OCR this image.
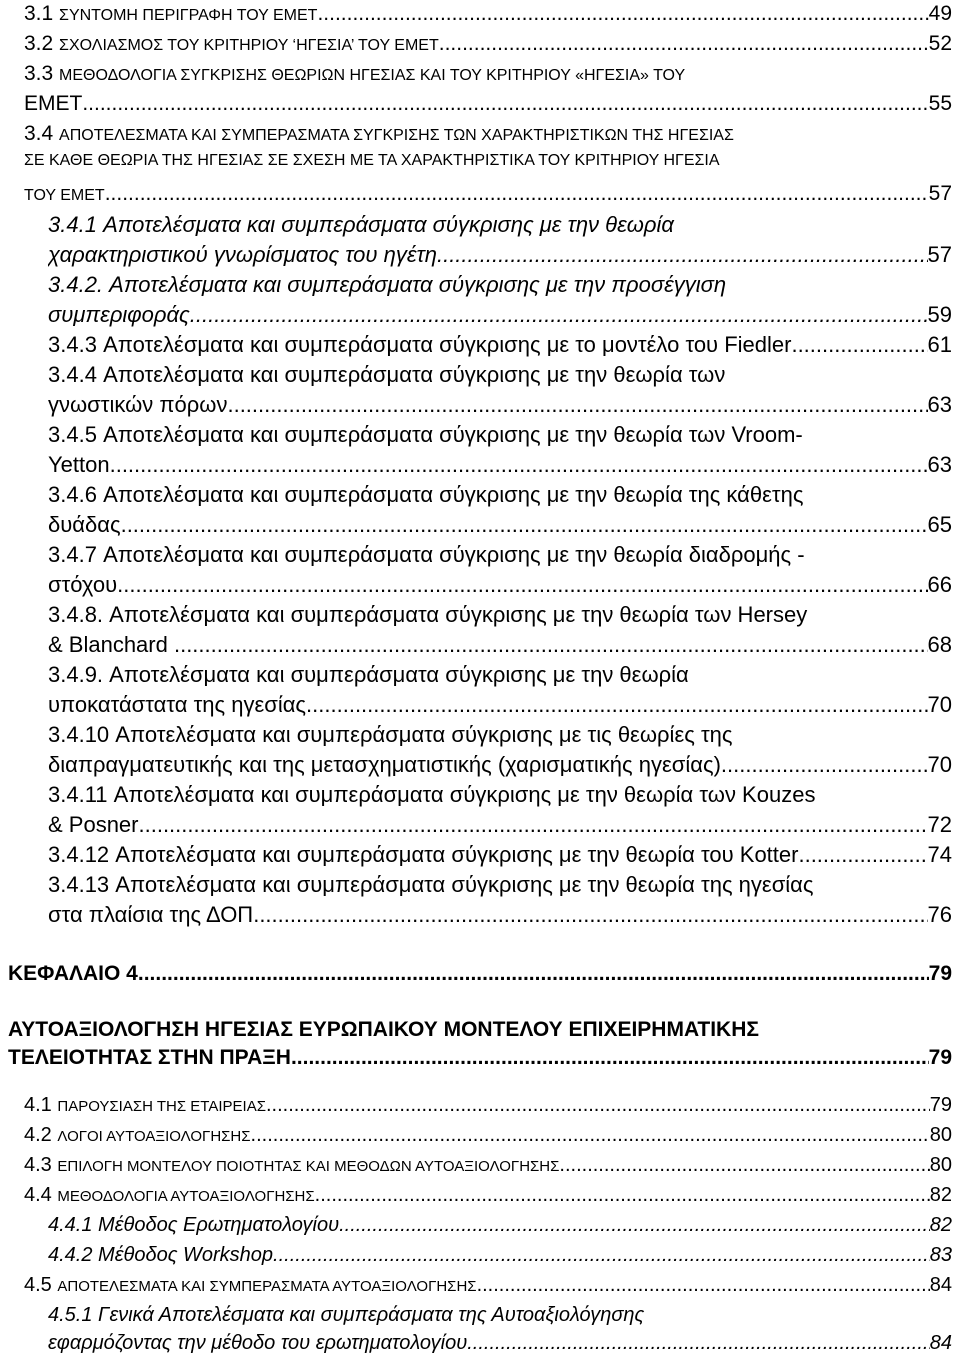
3.1
ΣΥΝΤΟΜΗ ΠΕΡΙΓΡΑΦΗ ΤΟΥ ΕΜΕΤ .....	49
3.2
ΣΧΟΛΙΑΣΜΟΣ ΤΟΥ ΚΡΙΤΗΡΙΟΥ ‘ΗΓΕΣΙΑ’ ΤΟΥ ΕΜΕΤ .....	52
3.3
ΜΕΘΟΔΟΛΟΓΙΑ ΣΥΓΚΡΙΣΗΣ ΘΕΩΡΙΩΝ ΗΓΕΣΙΑΣ ΚΑΙ ΤΟΥ ΚΡΙΤΗΡΙΟΥ «ΗΓΕΣΙΑ» ΤΟΥ
ΕΜΕΤ .....	55
3.4
ΑΠΟΤΕΛΕΣΜΑΤΑ ΚΑΙ ΣΥΜΠΕΡΑΣΜΑΤΑ ΣΥΓΚΡΙΣΗΣ ΤΩΝ ΧΑΡΑΚΤΗΡΙΣΤΙΚΩΝ ΤΗΣ ΗΓΕΣΙΑΣ
ΣΕ ΚΑΘΕ ΘΕΩΡΙΑ ΤΗΣ ΗΓΕΣΙΑΣ ΣΕ ΣΧΕΣΗ ΜΕ ΤΑ ΧΑΡΑΚΤΗΡΙΣΤΙΚΑ ΤΟΥ ΚΡΙΤΗΡΙΟΥ ΗΓΕΣΙΑ
ΤΟΥ ΕΜΕΤ .....	57
3.4.1
Αποτελέσματα και συμπεράσματα σύγκρισης με την θεωρία
χαρακτηριστικού γνωρίσματος του ηγέτη. .....	57
3.4.2.
Αποτελέσματα και συμπεράσματα σύγκρισης με την προσέγγιση
συμπεριφοράς .....	59
3.4.3
Αποτελέσματα και συμπεράσματα σύγκρισης με το μοντέλο του Fiedler .....	61
3.4.4
Αποτελέσματα και συμπεράσματα σύγκρισης με την θεωρία των
γνωστικών πόρων .....	63
3.4.5
Αποτελέσματα και συμπεράσματα σύγκρισης με την θεωρία των Vroom-
Yetton .....	63
3.4.6
Αποτελέσματα και συμπεράσματα σύγκρισης με την θεωρία της κάθετης
δυάδας .....	65
3.4.7
Αποτελέσματα και συμπεράσματα σύγκρισης με την θεωρία διαδρομής -
στόχου. .....	66
3.4.8.
Αποτελέσματα και συμπεράσματα σύγκρισης με την θεωρία των Hersey
& Blanchard . .....	68
3.4.9.
Αποτελέσματα και συμπεράσματα σύγκρισης με την θεωρία
υποκατάστατα της ηγεσίας. .....	70
3.4.10
Αποτελέσματα και συμπεράσματα σύγκρισης με τις θεωρίες της
διαπραγματευτικής και της μετασχηματιστικής (χαρισματικής ηγεσίας). .....	70
3.4.11
Αποτελέσματα και συμπεράσματα σύγκρισης με την θεωρία των Kouzes
& Posner .....	72
3.4.12
Αποτελέσματα και συμπεράσματα σύγκρισης με την θεωρία του Kotter .....	74
3.4.13
Αποτελέσματα και συμπεράσματα σύγκρισης με την θεωρία της ηγεσίας
στα πλαίσια της ΔΟΠ .....	76
ΚΕΦΑΛΑΙΟ 4 .....	79
ΑΥΤΟΑΞΙΟΛΟΓΗΣΗ ΗΓΕΣΙΑΣ ΕΥΡΩΠΑΙΚΟΥ ΜΟΝΤΕΛΟΥ ΕΠΙΧΕΙΡΗΜΑΤΙΚΗΣ
ΤΕΛΕΙΟΤΗΤΑΣ ΣΤΗΝ ΠΡΑΞΗ .....	79
4.1
ΠΑΡΟΥΣΙΑΣΗ ΤΗΣ ΕΤΑΙΡΕΙΑΣ .....	79
4.2
ΛΟΓΟΙ ΑΥΤΟΑΞΙΟΛΟΓΗΣΗΣ .....	80
4.3
ΕΠΙΛΟΓΗ ΜΟΝΤΕΛΟΥ ΠΟΙΟΤΗΤΑΣ ΚΑΙ ΜΕΘΟΔΩΝ ΑΥΤΟΑΞΙΟΛΟΓΗΣΗΣ .....	80
4.4
ΜΕΘΟΔΟΛΟΓΙΑ ΑΥΤΟΑΞΙΟΛΟΓΗΣΗΣ .....	82
4.4.1
Μέθοδος Ερωτηματολογίου .....	82
4.4.2
Μέθοδος Workshop .....	83
4.5
ΑΠΟΤΕΛΕΣΜΑΤΑ ΚΑΙ ΣΥΜΠΕΡΑΣΜΑΤΑ ΑΥΤΟΑΞΙΟΛΟΓΗΣΗΣ .....	84
4.5.1
Γενικά Αποτελέσματα και συμπεράσματα της Αυτοαξιολόγησης
εφαρμόζοντας την μέθοδο του ερωτηματολογίου. .....	84
